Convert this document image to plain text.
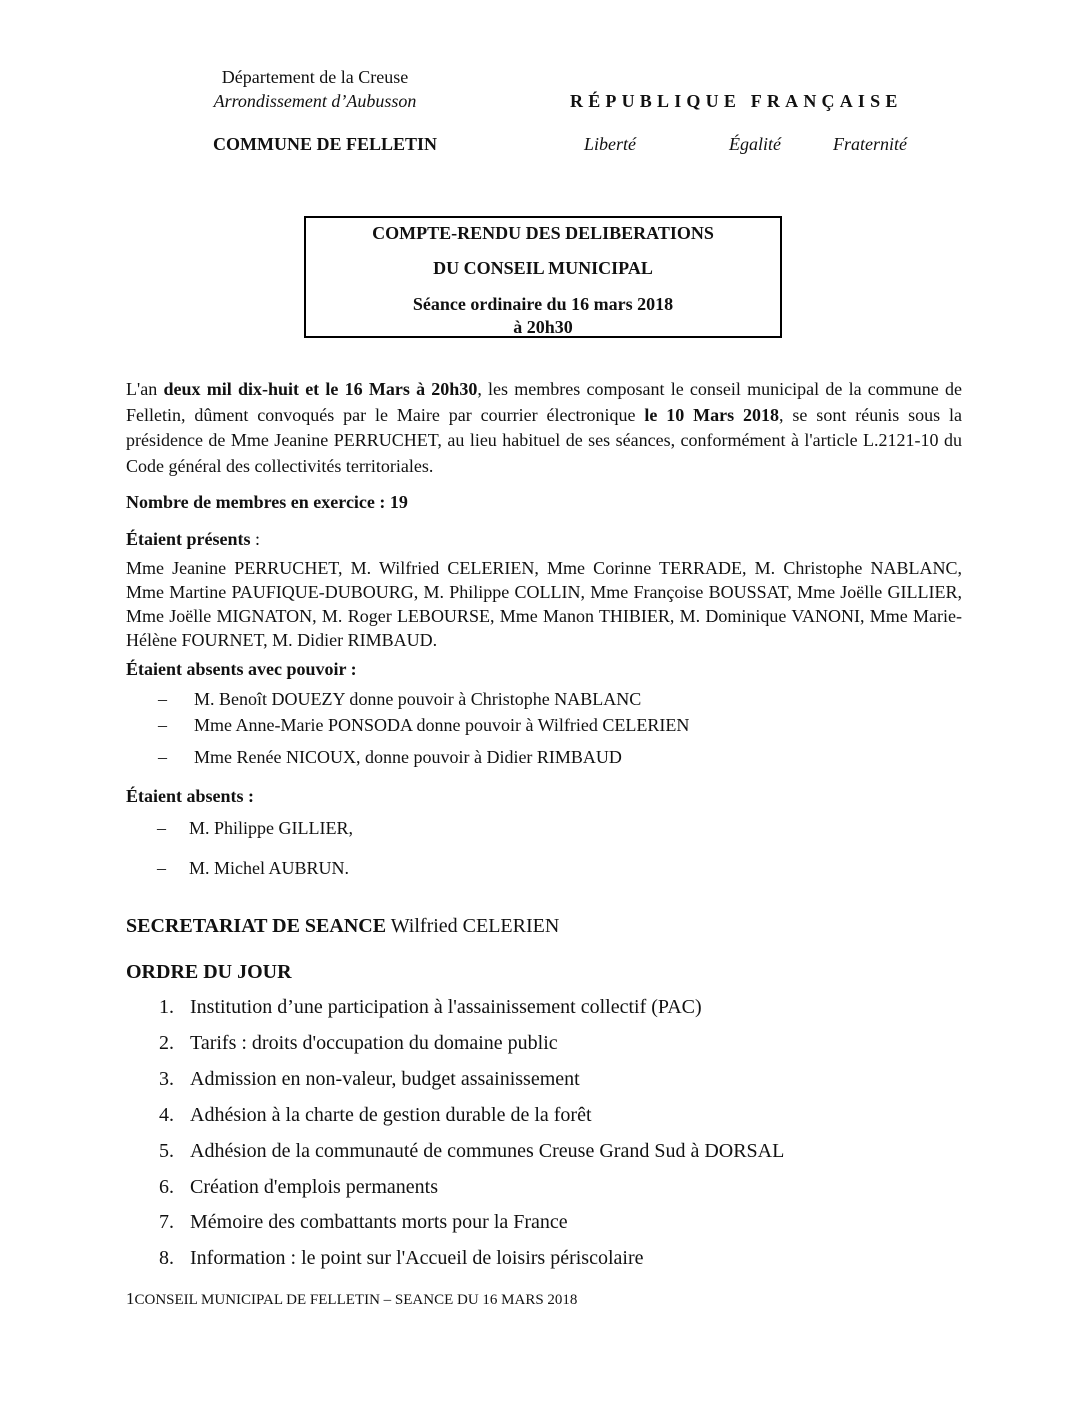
Département de la Creuse
Arrondissement d’Aubusson
COMMUNE DE FELLETIN
RÉPUBLIQUE FRANÇAISE
Liberté	Égalité	Fraternité
COMPTE-RENDU DES DELIBERATIONS
DU CONSEIL MUNICIPAL
Séance ordinaire du 16 mars 2018
à 20h30
L'an deux mil dix-huit et le 16 Mars à 20h30, les membres composant le conseil municipal de la commune de Felletin, dûment convoqués par le Maire par courrier électronique le 10 Mars 2018, se sont réunis sous la présidence de Mme Jeanine PERRUCHET, au lieu habituel de ses séances, conformément à l'article L.2121-10 du Code général des collectivités territoriales.
Nombre de membres en exercice : 19
Étaient présents :
Mme Jeanine PERRUCHET, M. Wilfried CELERIEN, Mme Corinne TERRADE, M. Christophe NABLANC, Mme Martine PAUFIQUE-DUBOURG, M. Philippe COLLIN, Mme Françoise BOUSSAT, Mme Joëlle GILLIER, Mme Joëlle MIGNATON, M. Roger LEBOURSE, Mme Manon THIBIER, M. Dominique VANONI, Mme Marie-Hélène FOURNET, M. Didier RIMBAUD.
Étaient absents avec pouvoir :
– M. Benoît DOUEZY donne pouvoir à Christophe NABLANC
– Mme Anne-Marie PONSODA donne pouvoir à Wilfried CELERIEN
– Mme Renée NICOUX, donne pouvoir à Didier RIMBAUD
Étaient absents :
– M. Philippe GILLIER,
– M. Michel AUBRUN.
SECRETARIAT DE SEANCE Wilfried CELERIEN
ORDRE DU JOUR
1. Institution d’une participation à l'assainissement collectif (PAC)
2. Tarifs : droits d'occupation du domaine public
3. Admission en non-valeur, budget assainissement
4. Adhésion à la charte de gestion durable de la forêt
5. Adhésion de la communauté de communes Creuse Grand Sud à DORSAL
6. Création d'emplois permanents
7. Mémoire des combattants morts pour la France
8. Information : le point sur l'Accueil de loisirs périscolaire
1CONSEIL MUNICIPAL DE FELLETIN – SEANCE DU 16 MARS 2018
